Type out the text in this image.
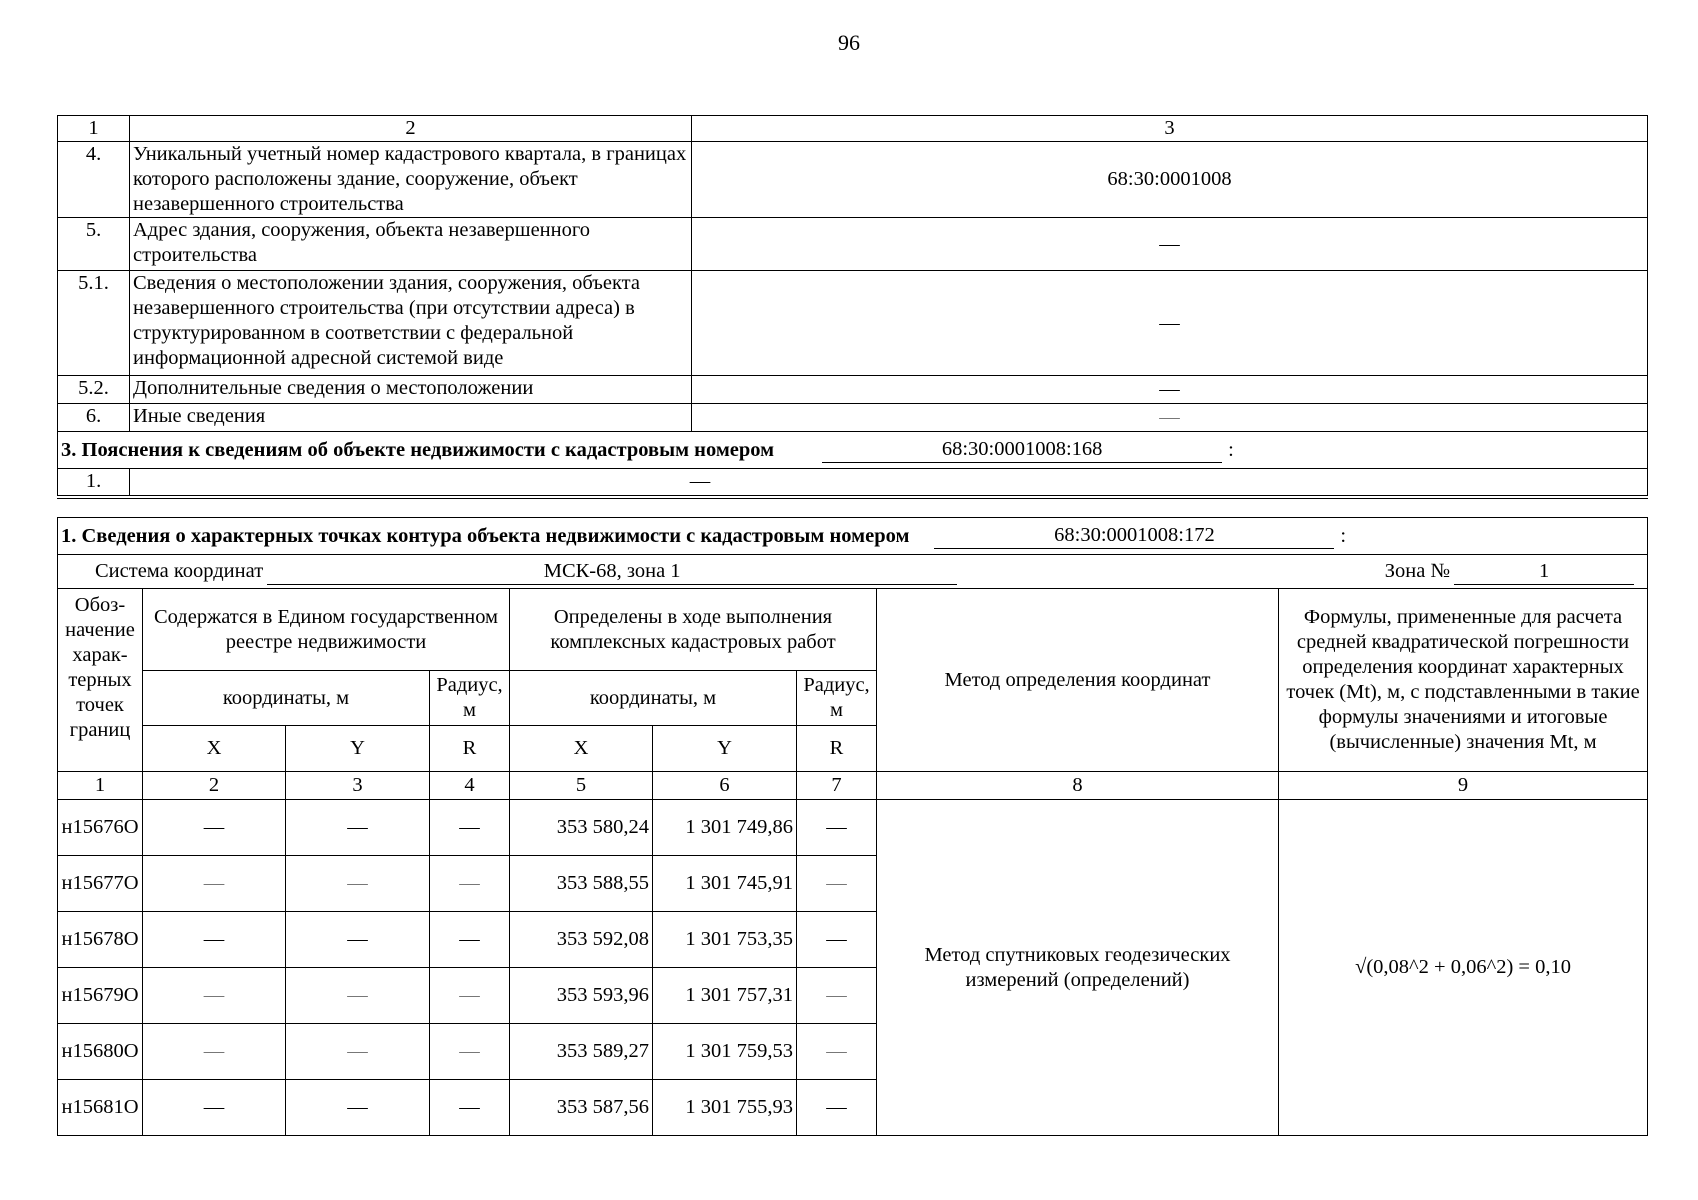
96
1	2	3
4.	Уникальный учетный номер кадастрового квартала, в границах которого расположены здание, сооружение, объект незавершенного строительства	68:30:0001008
5.	Адрес здания, сооружения, объекта незавершенного строительства	—
5.1.	Сведения о местоположении здания, сооружения, объекта незавершенного строительства (при отсутствии адреса) в структурированном в соответствии с федеральной информационной адресной системой виде	—
5.2.	Дополнительные сведения о местоположении	—
6.	Иные сведения	—

3. Пояснения к сведениям об объекте недвижимости с кадастровым номером 68:30:0001008:168 :		

1.	—	
1. Сведения о характерных точках контура объекта недвижимости с кадастровым номером 68:30:0001008:172 :								

Система координат МСК-68, зона 1 Зона № 1								

Обоз-начение харак-терных точек границ	Содержатся в Едином государственном реестре недвижимости			Определены в ходе выполнения комплексных кадастровых работ			Метод определения координат	Формулы, примененные для расчета средней квадратической погрешности определения координат характерных точек (Mt), м, с подставленными в такие формулы значениями и итоговые (вычисленные) значения Mt, м
	координаты, м		Радиус, м	координаты, м		Радиус, м		
	X	Y	R	X	Y	R		
1	2	3	4	5	6	7	8	9
н15676О	—	—	—	353 580,24	1 301 749,86	—	Метод спутниковых геодезических измерений (определений)	√(0,08^2 + 0,06^2) = 0,10
н15677О	—	—	—	353 588,55	1 301 745,91	—		
н15678О	—	—	—	353 592,08	1 301 753,35	—		
н15679О	—	—	—	353 593,96	1 301 757,31	—		
н15680О	—	—	—	353 589,27	1 301 759,53	—		
н15681О	—	—	—	353 587,56	1 301 755,93	—		
